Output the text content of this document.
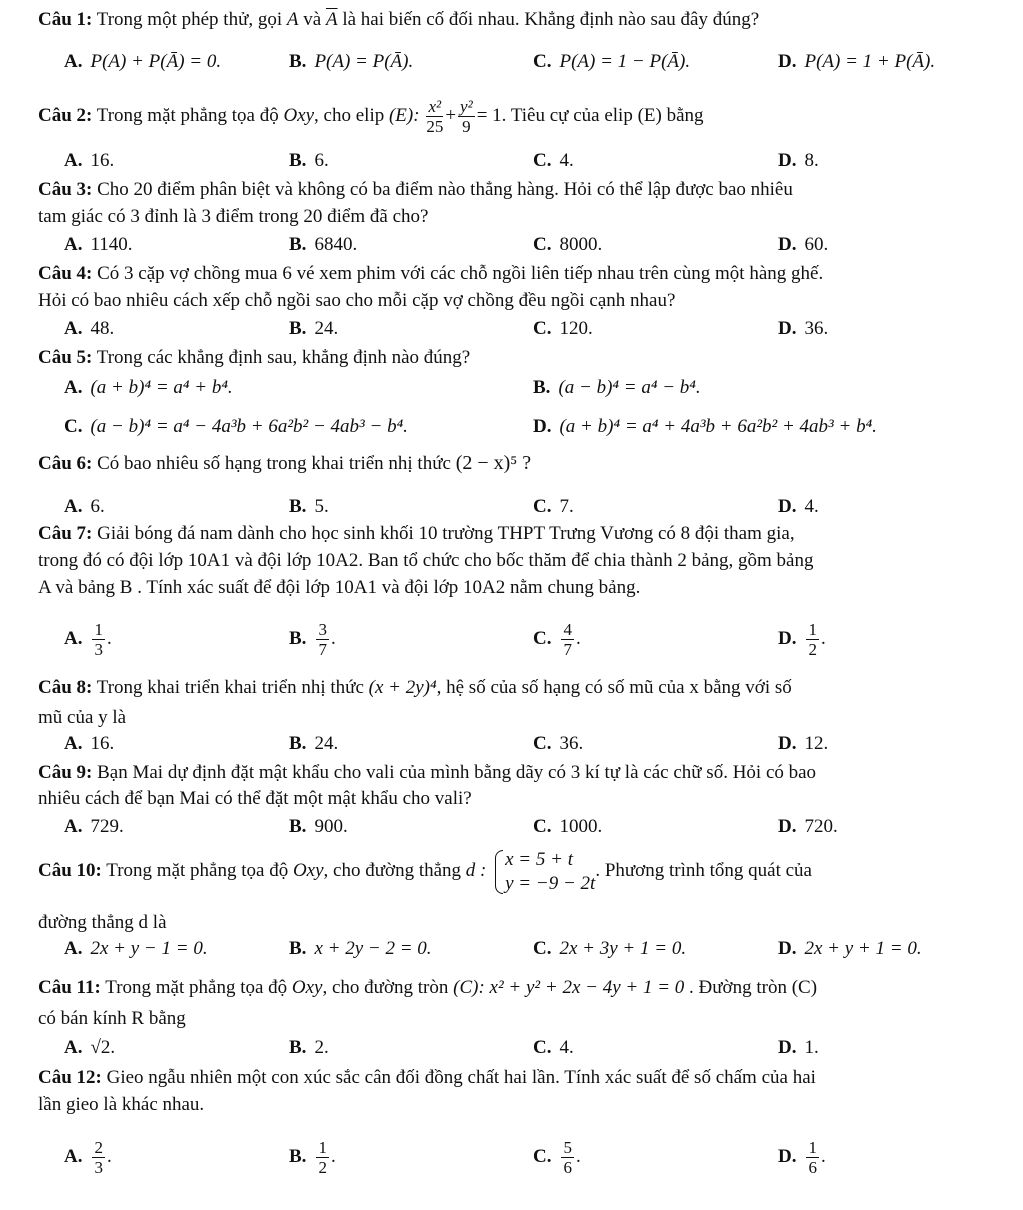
Câu 1: Trong một phép thử, gọi A và $\overline{A}$ là hai biến cố đối nhau. Khẳng định nào sau đây đúng?
A. P(A) + P(Ā) = 0.	B. P(A) = P(Ā).	C. P(A) = 1 − P(Ā).	D. P(A) = 1 + P(Ā).
Câu 2: Trong mặt phẳng tọa độ Oxy, cho elip (E): $\frac{\text{x²}}{25} + \frac{\text{y²}}{9} = 1$. Tiêu cự của elip (E) bằng
A. 16.	B. 6.	C. 4.	D. 8.
Câu 3: Cho 20 điểm phân biệt và không có ba điểm nào thẳng hàng. Hỏi có thể lập được bao nhiêu
tam giác có 3 đỉnh là 3 điểm trong 20 điểm đã cho?
A. 1140.	B. 6840.	C. 8000.	D. 60.
Câu 4: Có 3 cặp vợ chồng mua 6 vé xem phim với các chỗ ngồi liên tiếp nhau trên cùng một hàng ghế.
Hỏi có bao nhiêu cách xếp chỗ ngồi sao cho mỗi cặp vợ chồng đều ngồi cạnh nhau?
A. 48.	B. 24.	C. 120.	D. 36.
Câu 5: Trong các khẳng định sau, khẳng định nào đúng?
A. (a + b)⁴ = a⁴ + b⁴.	B. (a − b)⁴ = a⁴ − b⁴.
C. (a − b)⁴ = a⁴ − 4a³b + 6a²b² − 4ab³ − b⁴.	D. (a + b)⁴ = a⁴ + 4a³b + 6a²b² + 4ab³ + b⁴.
Câu 6: Có bao nhiêu số hạng trong khai triển nhị thức (2 − x)⁵ ?
A. 6.	B. 5.	C. 7.	D. 4.
Câu 7: Giải bóng đá nam dành cho học sinh khối 10 trường THPT Trưng Vương có 8 đội tham gia,
trong đó có đội lớp 10A1 và đội lớp 10A2. Ban tổ chức cho bốc thăm để chia thành 2 bảng, gồm bảng
A và bảng B . Tính xác suất để đội lớp 10A1 và đội lớp 10A2 nằm chung bảng.
A. $\frac{1}{3}$ .	B. $\frac{3}{7}$ .	C. $\frac{4}{7}$ .	D. $\frac{1}{2}$ .
Câu 8: Trong khai triển khai triển nhị thức (x + 2y)⁴, hệ số của số hạng có số mũ của x bằng với số
mũ của y là
A. 16.	B. 24.	C. 36.	D. 12.
Câu 9: Bạn Mai dự định đặt mật khẩu cho vali của mình bằng dãy có 3 kí tự là các chữ số. Hỏi có bao
nhiêu cách để bạn Mai có thể đặt một mật khẩu cho vali?
A. 729.	B. 900.	C. 1000.	D. 720.
Câu 10: Trong mặt phẳng tọa độ Oxy, cho đường thẳng d :
x = 5 + t
y = −9 − 2t
. Phương trình tổng quát của
đường thẳng d là
A. 2x + y − 1 = 0.	B. x + 2y − 2 = 0.	C. 2x + 3y + 1 = 0.	D. 2x + y + 1 = 0.
Câu 11: Trong mặt phẳng tọa độ Oxy, cho đường tròn (C): x² + y² + 2x − 4y + 1 = 0 . Đường tròn (C)
có bán kính R bằng
A. √2.	B. 2.	C. 4.	D. 1.
Câu 12: Gieo ngẫu nhiên một con xúc sắc cân đối đồng chất hai lần. Tính xác suất để số chấm của hai
lần gieo là khác nhau.
A. $\frac{2}{3}$ .	B. $\frac{1}{2}$ .	C. $\frac{5}{6}$ .	D. $\frac{1}{6}$ .
